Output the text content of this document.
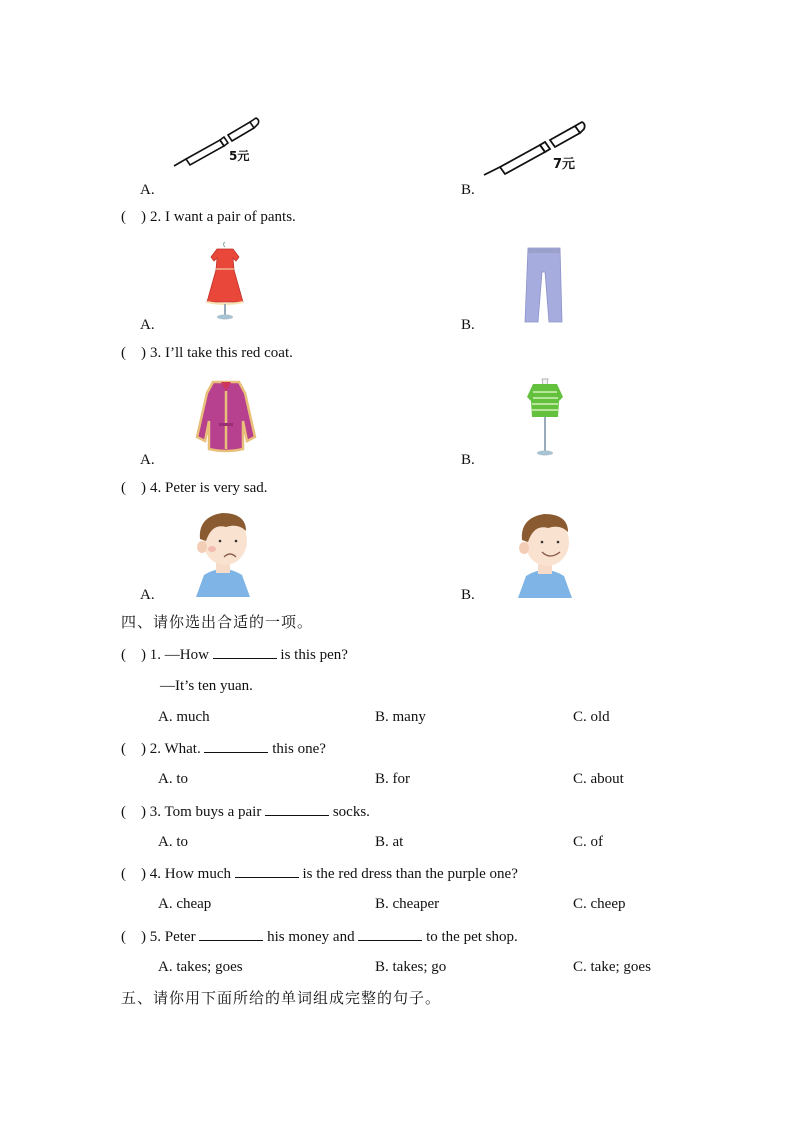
5元
A.
7元
B.
(    ) 2. I want a pair of pants.
A.	B.
(    ) 3. I’ll take this red coat.
A.	B.
(    ) 4. Peter is very sad.
A.	B.
四、请你选出合适的一项。
(    ) 1. —How	is this pen?
—It’s ten yuan.
A. much	B. many	C. old
(    ) 2. What.	this one?
A. to	B. for	C. about
(    ) 3. Tom buys a pair	socks.
A. to	B. at	C. of
(    ) 4. How much	is the red dress than the purple one?
A. cheap	B. cheaper	C. cheep
(    ) 5. Peter	his money and	to the pet shop.
A. takes; goes	B. takes; go	C. take; goes
五、请你用下面所给的单词组成完整的句子。
